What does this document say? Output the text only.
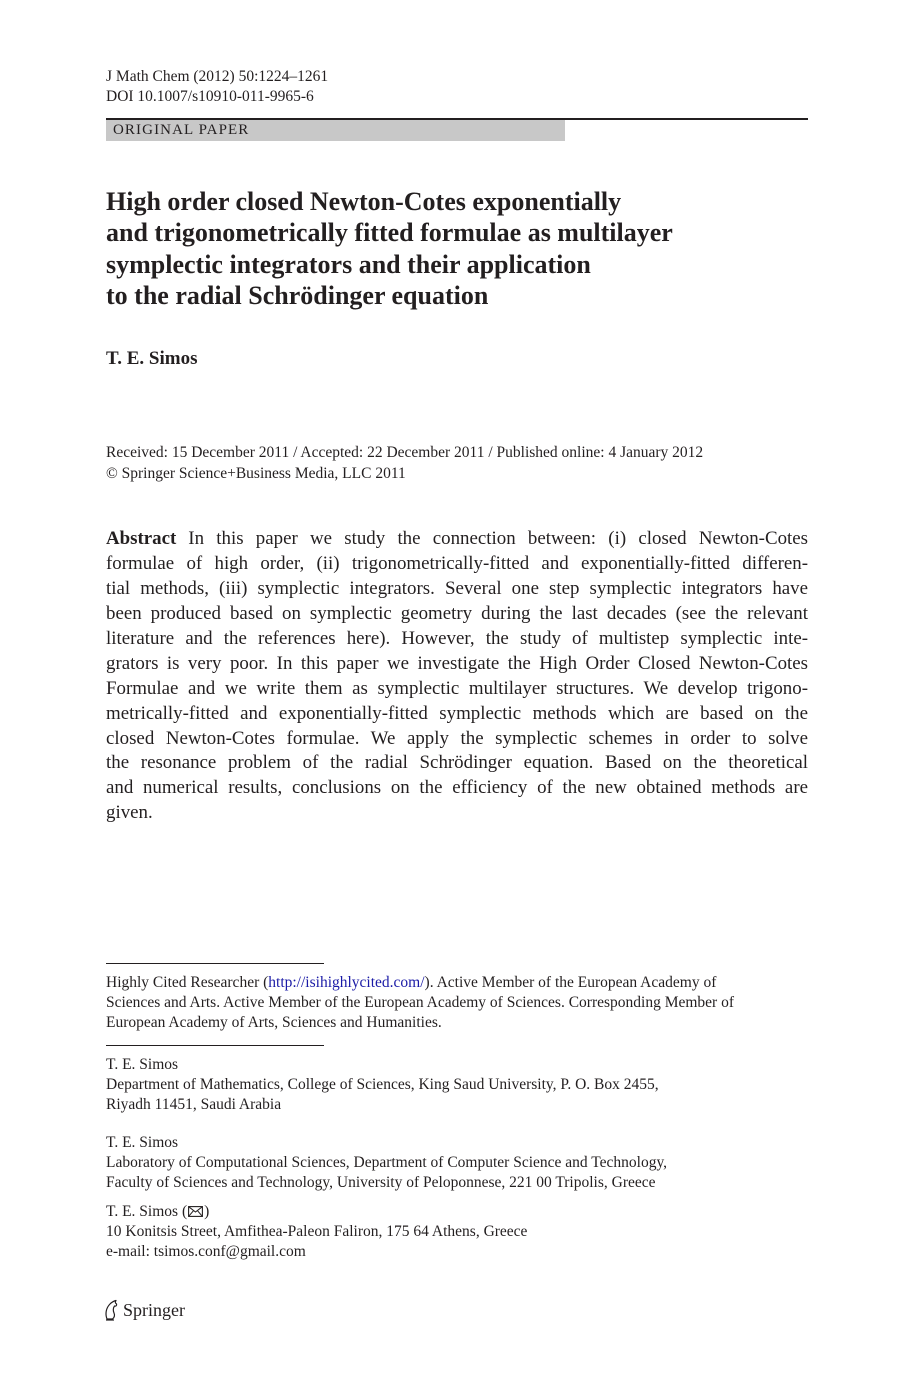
J Math Chem (2012) 50:1224–1261
DOI 10.1007/s10910-011-9965-6
ORIGINAL PAPER
High order closed Newton-Cotes exponentially
and trigonometrically fitted formulae as multilayer
symplectic integrators and their application
to the radial Schrödinger equation
T. E. Simos
Received: 15 December 2011 / Accepted: 22 December 2011 / Published online: 4 January 2012
© Springer Science+Business Media, LLC 2011
Abstract In this paper we study the connection between: (i) closed Newton-Cotes
formulae of high order, (ii) trigonometrically-fitted and exponentially-fitted differen-
tial methods, (iii) symplectic integrators. Several one step symplectic integrators have
been produced based on symplectic geometry during the last decades (see the relevant
literature and the references here). However, the study of multistep symplectic inte-
grators is very poor. In this paper we investigate the High Order Closed Newton-Cotes
Formulae and we write them as symplectic multilayer structures. We develop trigono-
metrically-fitted and exponentially-fitted symplectic methods which are based on the
closed Newton-Cotes formulae. We apply the symplectic schemes in order to solve
the resonance problem of the radial Schrödinger equation. Based on the theoretical
and numerical results, conclusions on the efficiency of the new obtained methods are
given.
Highly Cited Researcher (http://isihighlycited.com/). Active Member of the European Academy of
Sciences and Arts. Active Member of the European Academy of Sciences. Corresponding Member of
European Academy of Arts, Sciences and Humanities.
T. E. Simos
Department of Mathematics, College of Sciences, King Saud University, P. O. Box 2455,
Riyadh 11451, Saudi Arabia
T. E. Simos
Laboratory of Computational Sciences, Department of Computer Science and Technology,
Faculty of Sciences and Technology, University of Peloponnese, 221 00 Tripolis, Greece
T. E. Simos ( )
10 Konitsis Street, Amfithea-Paleon Faliron, 175 64 Athens, Greece
e-mail: tsimos.conf@gmail.com
Springer
